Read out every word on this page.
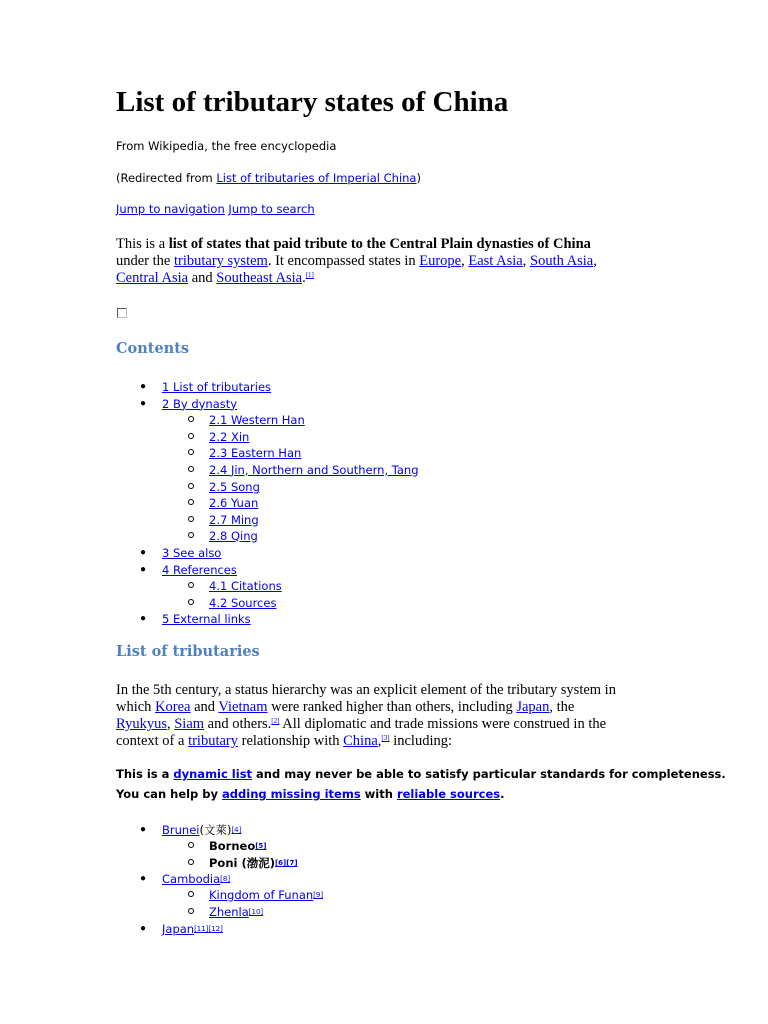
List of tributary states of China
From Wikipedia, the free encyclopedia
(Redirected from List of tributaries of Imperial China)
Jump to navigation Jump to search
This is a list of states that paid tribute to the Central Plain dynasties of China
under the tributary system. It encompassed states in Europe, East Asia, South Asia,
Central Asia and Southeast Asia.[1]
Contents
● 1 List of tributaries
● 2 By dynasty
2.1 Western Han
2.2 Xin
2.3 Eastern Han
2.4 Jin, Northern and Southern, Tang
2.5 Song
2.6 Yuan
2.7 Ming
2.8 Qing
● 3 See also
● 4 References
4.1 Citations
4.2 Sources
● 5 External links
List of tributaries
In the 5th century, a status hierarchy was an explicit element of the tributary system in
which Korea and Vietnam were ranked higher than others, including Japan, the
Ryukyus, Siam and others.[2] All diplomatic and trade missions were construed in the
context of a tributary relationship with China,[3] including:
This is a dynamic list and may never be able to satisfy particular standards for completeness.
You can help by adding missing items with reliable sources.
● Brunei (文萊) [4]
Borneo [5]
Poni (渤泥) [6][7]
● Cambodia [8]
Kingdom of Funan [9]
Zhenla [10]
● Japan [11][12]
